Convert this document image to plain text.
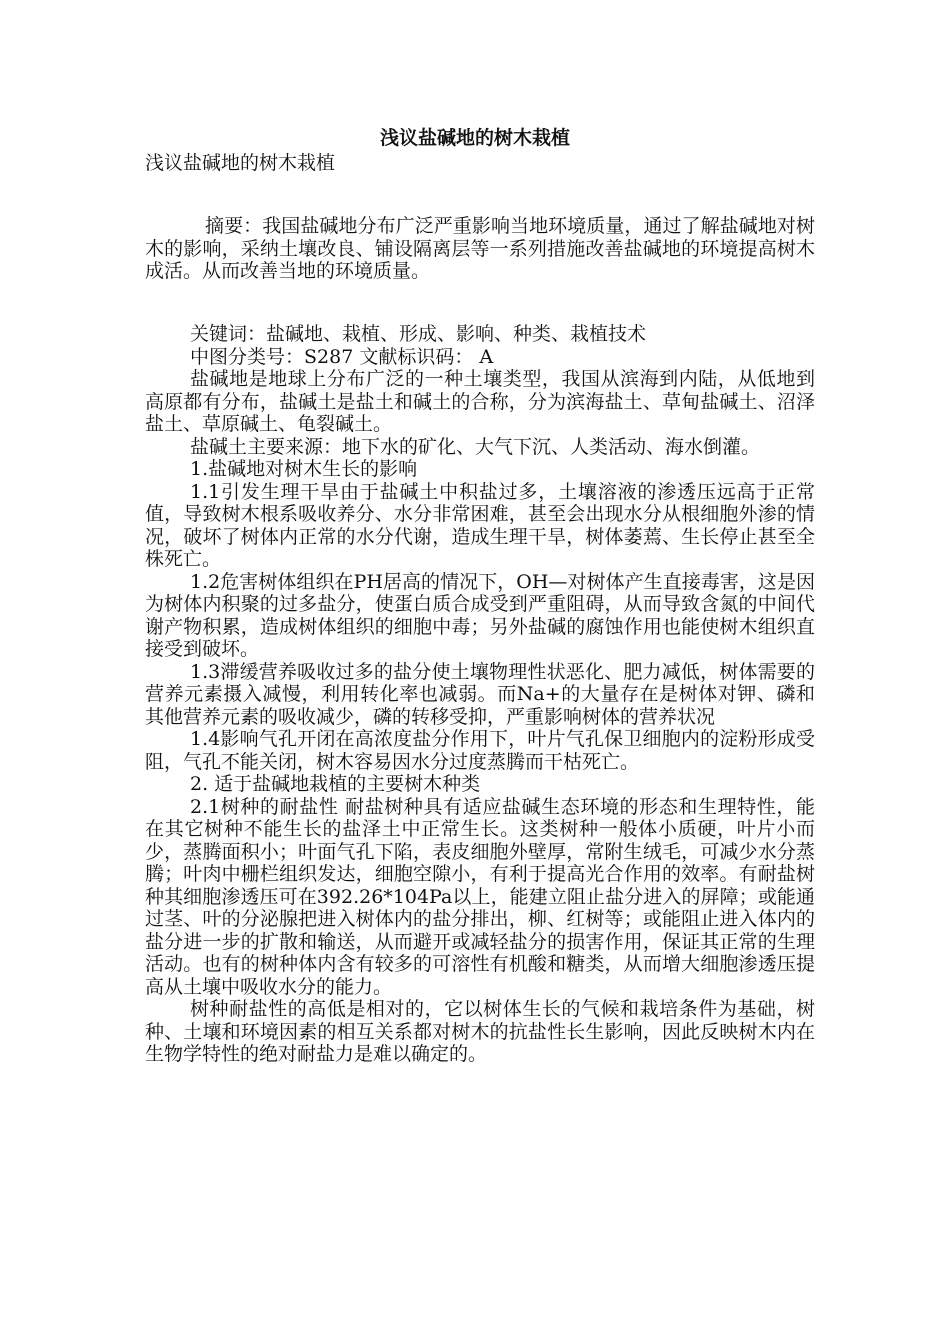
浅议盐碱地的树木栽植

浅议盐碱地的树木栽植

摘要：我国盐碱地分布广泛严重影响当地环境质量，通过了解盐碱地对树木的影响，采纳土壤改良、铺设隔离层等一系列措施改善盐碱地的环境提高树木成活。从而改善当地的环境质量。

关键词：盐碱地、栽植、形成、影响、种类、栽植技术

中图分类号：S287 文献标识码： A

盐碱地是地球上分布广泛的一种土壤类型，我国从滨海到内陆，从低地到高原都有分布，盐碱土是盐土和碱土的合称，分为滨海盐土、草甸盐碱土、沼泽盐土、草原碱土、龟裂碱土。

盐碱土主要来源：地下水的矿化、大气下沉、人类活动、海水倒灌。

1.盐碱地对树木生长的影响

1.1引发生理干旱由于盐碱土中积盐过多，土壤溶液的渗透压远高于正常值，导致树木根系吸收养分、水分非常困难，甚至会出现水分从根细胞外渗的情况，破坏了树体内正常的水分代谢，造成生理干旱，树体萎蔫、生长停止甚至全株死亡。

1.2危害树体组织在PH居高的情况下，OH—对树体产生直接毒害，这是因为树体内积聚的过多盐分，使蛋白质合成受到严重阻碍，从而导致含氮的中间代谢产物积累，造成树体组织的细胞中毒；另外盐碱的腐蚀作用也能使树木组织直接受到破坏。

1.3滞缓营养吸收过多的盐分使土壤物理性状恶化、肥力减低，树体需要的营养元素摄入减慢，利用转化率也减弱。而Na+的大量存在是树体对钾、磷和其他营养元素的吸收减少，磷的转移受抑，严重影响树体的营养状况

1.4影响气孔开闭在高浓度盐分作用下，叶片气孔保卫细胞内的淀粉形成受阻，气孔不能关闭，树木容易因水分过度蒸腾而干枯死亡。

2. 适于盐碱地栽植的主要树木种类

2.1树种的耐盐性 耐盐树种具有适应盐碱生态环境的形态和生理特性，能在其它树种不能生长的盐泽土中正常生长。这类树种一般体小质硬，叶片小而少，蒸腾面积小；叶面气孔下陷，表皮细胞外壁厚，常附生绒毛，可减少水分蒸腾；叶肉中栅栏组织发达，细胞空隙小，有利于提高光合作用的效率。有耐盐树种其细胞渗透压可在392.26*104Pa以上，能建立阻止盐分进入的屏障；或能通过茎、叶的分泌腺把进入树体内的盐分排出，柳、红树等；或能阻止进入体内的盐分进一步的扩散和输送，从而避开或减轻盐分的损害作用，保证其正常的生理活动。也有的树种体内含有较多的可溶性有机酸和糖类，从而增大细胞渗透压提高从土壤中吸收水分的能力。

树种耐盐性的高低是相对的，它以树体生长的气候和栽培条件为基础，树种、土壤和环境因素的相互关系都对树木的抗盐性长生影响，因此反映树木内在生物学特性的绝对耐盐力是难以确定的。
